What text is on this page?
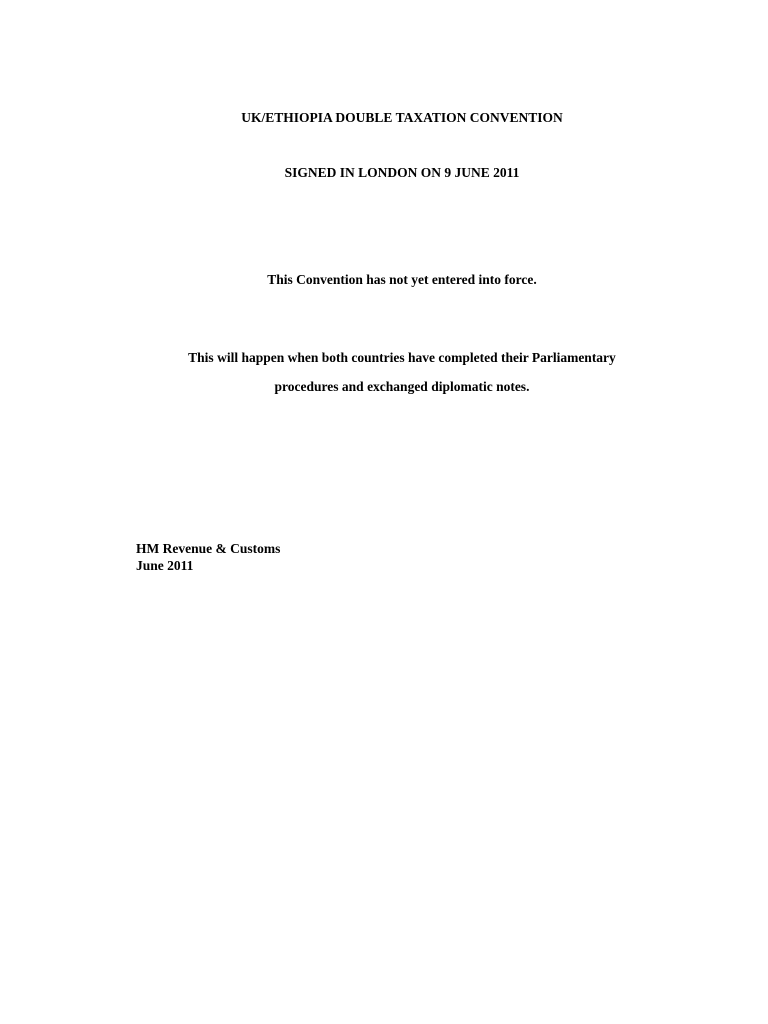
UK/ETHIOPIA DOUBLE TAXATION CONVENTION
SIGNED IN LONDON ON 9 JUNE 2011
This Convention has not yet entered into force.
This will happen when both countries have completed their Parliamentary
procedures and exchanged diplomatic notes.
HM Revenue & Customs
June 2011
